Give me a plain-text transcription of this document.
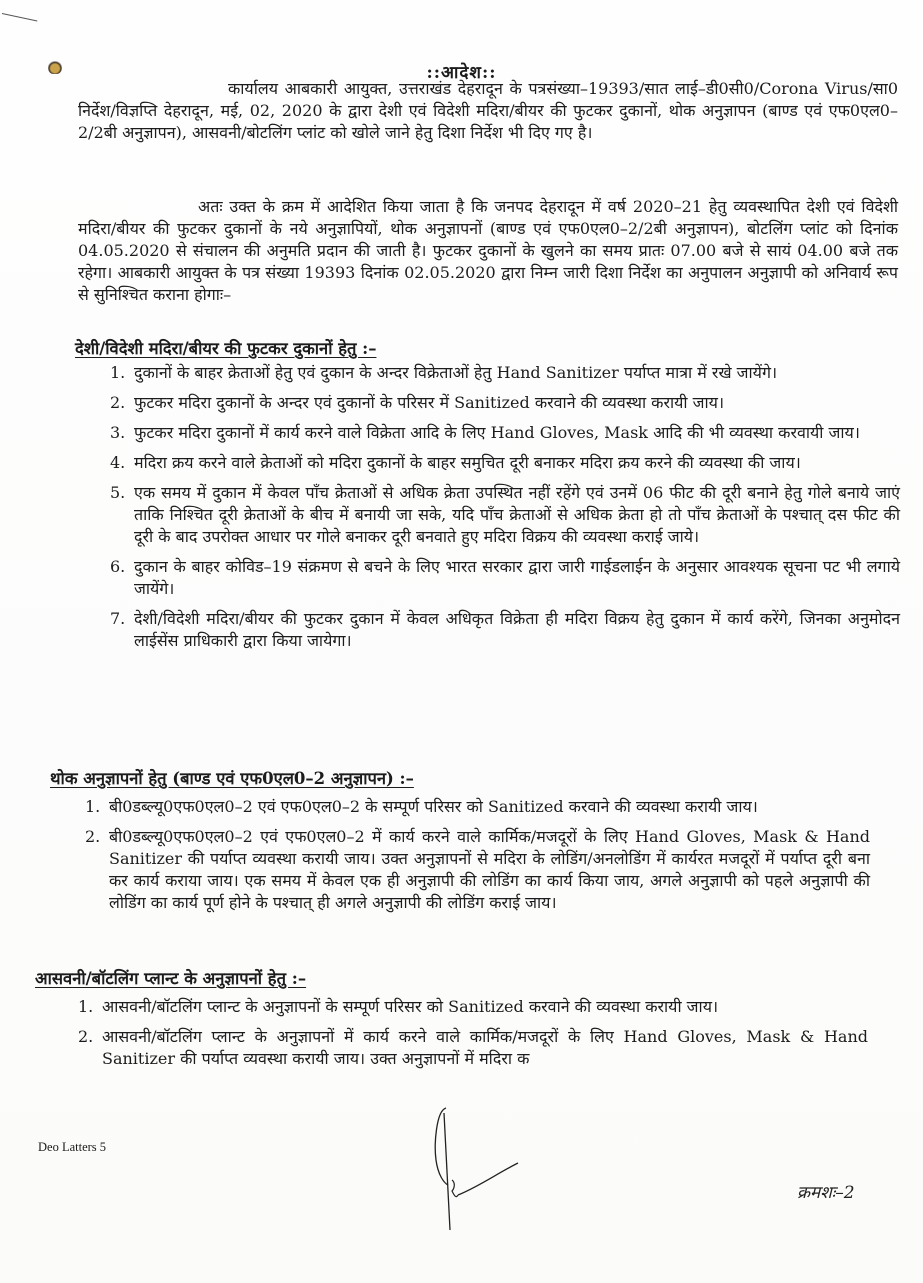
::आदेश::

कार्यालय आबकारी आयुक्त, उत्तराखंड देहरादून के पत्रसंख्या–19393/सात लाई–डी0सी0/Corona Virus/सा0 निर्देश/विज्ञप्ति देहरादून, मई, 02, 2020 के द्वारा देशी एवं विदेशी मदिरा/बीयर की फुटकर दुकानों, थोक अनुज्ञापन (बाण्ड एवं एफ0एल0–2/2बी अनुज्ञापन), आसवनी/बोटलिंग प्लांट को खोले जाने हेतु दिशा निर्देश भी दिए गए है।

अतः उक्त के क्रम में आदेशित किया जाता है कि जनपद देहरादून में वर्ष 2020–21 हेतु व्यवस्थापित देशी एवं विदेशी मदिरा/बीयर की फुटकर दुकानों के नये अनुज्ञापियों, थोक अनुज्ञापनों (बाण्ड एवं एफ0एल0–2/2बी अनुज्ञापन), बोटलिंग प्लांट को दिनांक 04.05.2020 से संचालन की अनुमति प्रदान की जाती है। फुटकर दुकानों के खुलने का समय प्रातः 07.00 बजे से सायं 04.00 बजे तक रहेगा। आबकारी आयुक्त के पत्र संख्या 19393 दिनांक 02.05.2020 द्वारा निम्न जारी दिशा निर्देश का अनुपालन अनुज्ञापी को अनिवार्य रूप से सुनिश्चित कराना होगाः–

देशी/विदेशी मदिरा/बीयर की फुटकर दुकानों हेतु :–
1. दुकानों के बाहर क्रेताओं हेतु एवं दुकान के अन्दर विक्रेताओं हेतु Hand Sanitizer पर्याप्त मात्रा में रखे जायेंगे।
2. फुटकर मदिरा दुकानों के अन्दर एवं दुकानों के परिसर में Sanitized करवाने की व्यवस्था करायी जाय।
3. फुटकर मदिरा दुकानों में कार्य करने वाले विक्रेता आदि के लिए Hand Gloves, Mask आदि की भी व्यवस्था करवायी जाय।
4. मदिरा क्रय करने वाले क्रेताओं को मदिरा दुकानों के बाहर समुचित दूरी बनाकर मदिरा क्रय करने की व्यवस्था की जाय।
5. एक समय में दुकान में केवल पाँच क्रेताओं से अधिक क्रेता उपस्थित नहीं रहेंगे एवं उनमें 06 फीट की दूरी बनाने हेतु गोले बनाये जाएं ताकि निश्चित दूरी क्रेताओं के बीच में बनायी जा सके, यदि पाँच क्रेताओं से अधिक क्रेता हो तो पाँच क्रेताओं के पश्चात् दस फीट की दूरी के बाद उपरोक्त आधार पर गोले बनाकर दूरी बनवाते हुए मदिरा विक्रय की व्यवस्था कराई जाये।
6. दुकान के बाहर कोविड–19 संक्रमण से बचने के लिए भारत सरकार द्वारा जारी गाईडलाईन के अनुसार आवश्यक सूचना पट भी लगाये जायेंगे।
7. देशी/विदेशी मदिरा/बीयर की फुटकर दुकान में केवल अधिकृत विक्रेता ही मदिरा विक्रय हेतु दुकान में कार्य करेंगे, जिनका अनुमोदन लाईसेंस प्राधिकारी द्वारा किया जायेगा।
थोक अनुज्ञापनों हेतु (बाण्ड एवं एफ0एल0–2 अनुज्ञापन) :–
1. बी0डब्ल्यू0एफ0एल0–2 एवं एफ0एल0–2 के सम्पूर्ण परिसर को Sanitized करवाने की व्यवस्था करायी जाय।
2. बी0डब्ल्यू0एफ0एल0–2 एवं एफ0एल0–2 में कार्य करने वाले कार्मिक/मजदूरों के लिए Hand Gloves, Mask & Hand Sanitizer की पर्याप्त व्यवस्था करायी जाय। उक्त अनुज्ञापनों से मदिरा के लोडिंग/अनलोडिंग में कार्यरत मजदूरों में पर्याप्त दूरी बना कर कार्य कराया जाय। एक समय में केवल एक ही अनुज्ञापी की लोडिंग का कार्य किया जाय, अगले अनुज्ञापी को पहले अनुज्ञापी की लोडिंग का कार्य पूर्ण होने के पश्चात् ही अगले अनुज्ञापी की लोडिंग कराई जाय।
आसवनी/बॉटलिंग प्लान्ट के अनुज्ञापनों हेतु :–
1. आसवनी/बॉटलिंग प्लान्ट के अनुज्ञापनों के सम्पूर्ण परिसर को Sanitized करवाने की व्यवस्था करायी जाय।
2. आसवनी/बॉटलिंग प्लान्ट के अनुज्ञापनों में कार्य करने वाले कार्मिक/मजदूरों के लिए Hand Gloves, Mask & Hand Sanitizer की पर्याप्त व्यवस्था करायी जाय। उक्त अनुज्ञापनों में मदिरा क
Deo Latters 5
क्रमशः–2
